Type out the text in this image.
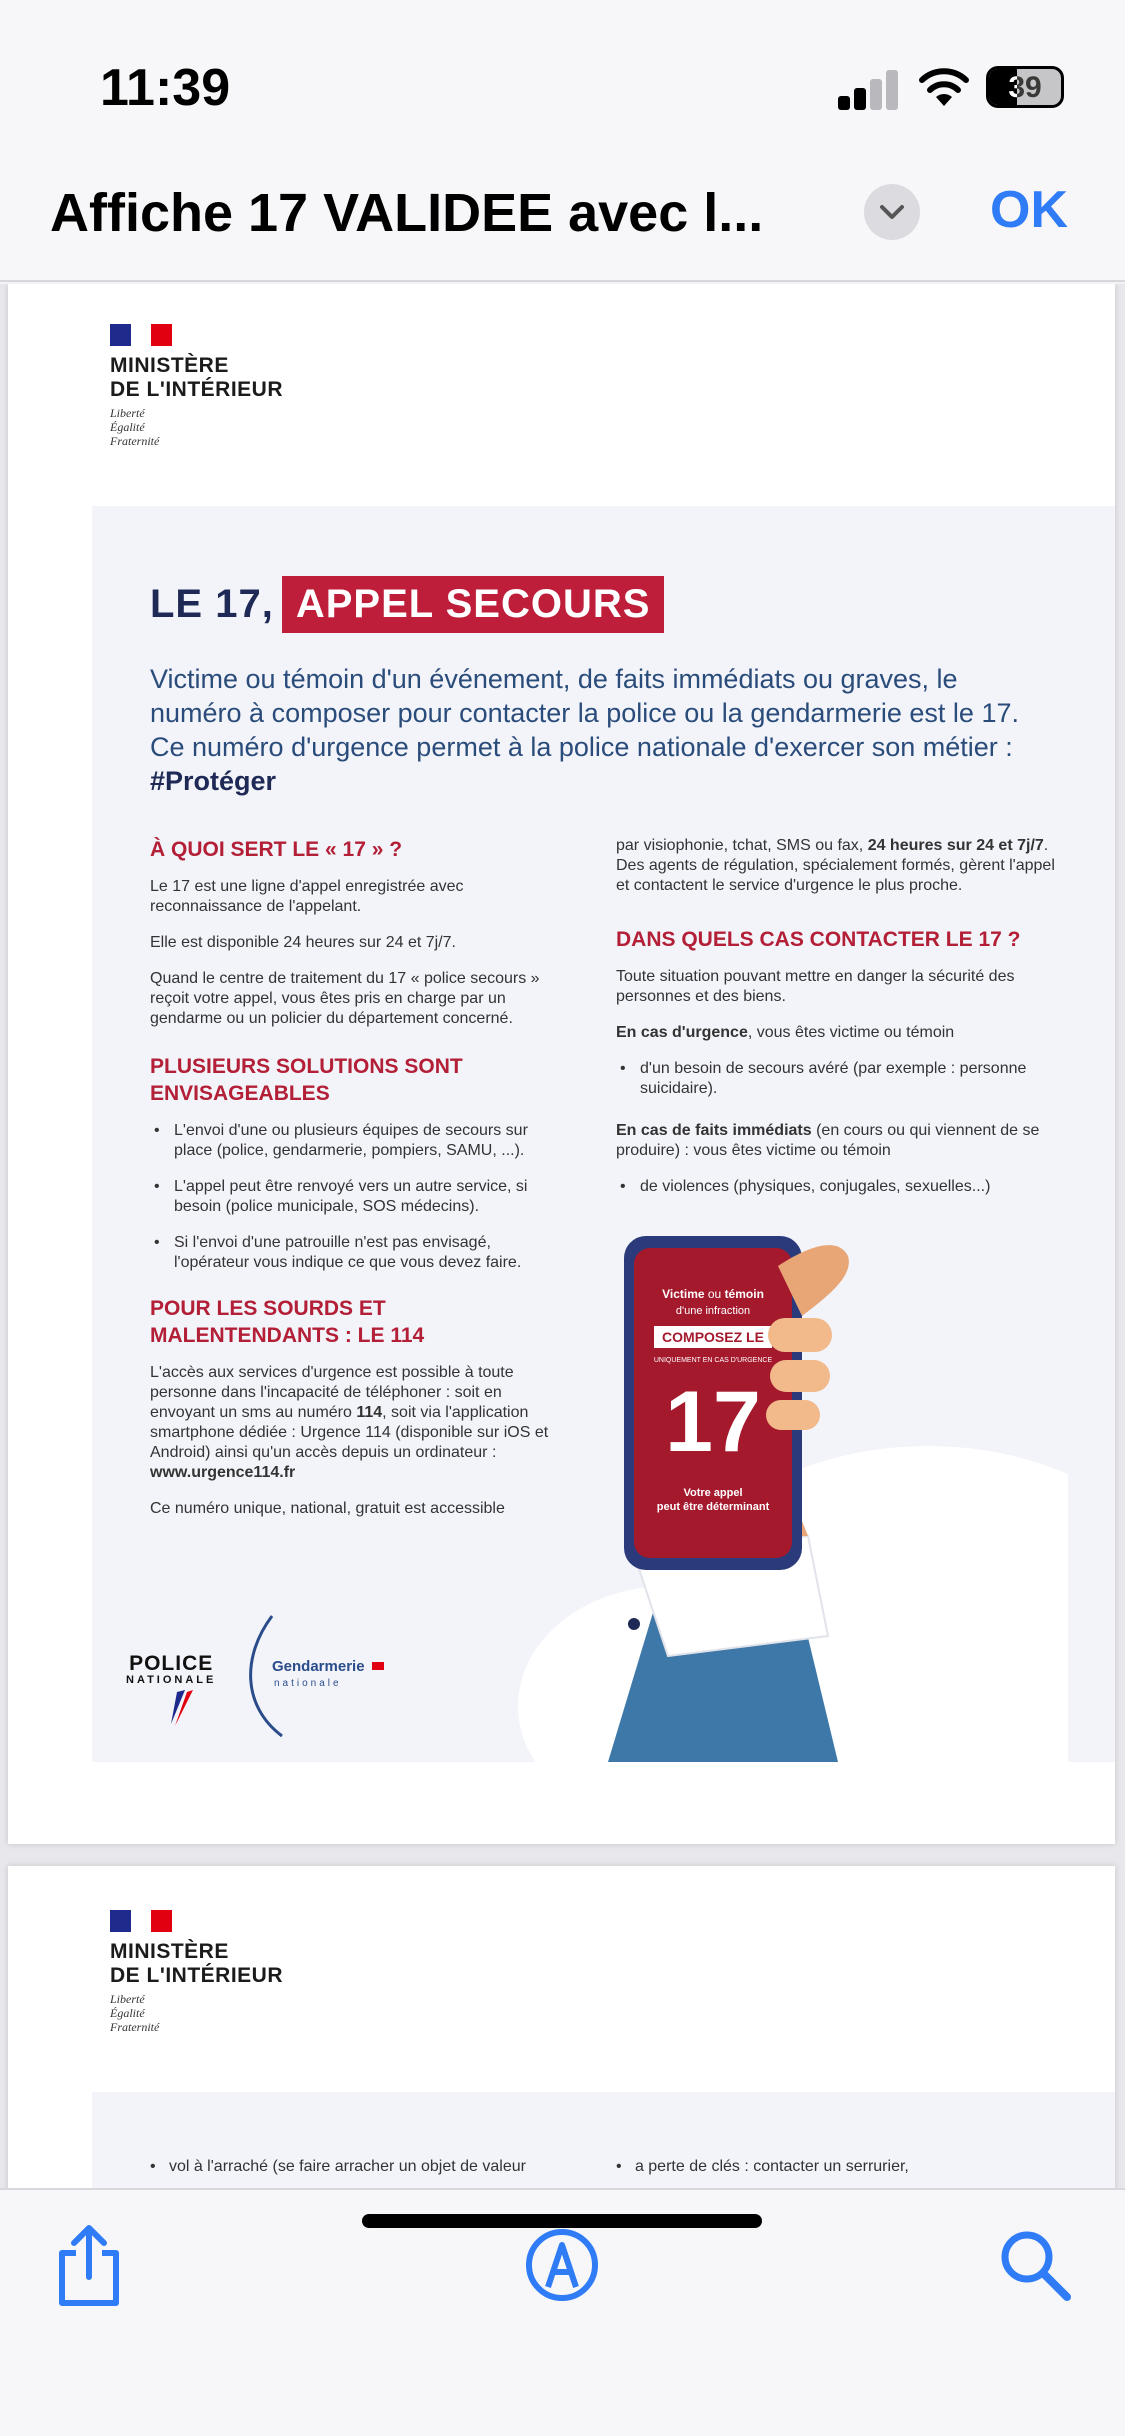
11:39	39
Affiche 17 VALIDEE avec l...	OK
MINISTÈRE
DE L'INTÉRIEUR
Liberté
Égalité
Fraternité
LE 17, APPEL SECOURS
Victime ou témoin d'un événement, de faits immédiats ou graves, le numéro à composer pour contacter la police ou la gendarmerie est le 17. Ce numéro d'urgence permet à la police nationale d'exercer son métier : #Protéger
À QUOI SERT LE « 17 » ?

Le 17 est une ligne d'appel enregistrée avec reconnaissance de l'appelant.

Elle est disponible 24 heures sur 24 et 7j/7.

Quand le centre de traitement du 17 « police secours » reçoit votre appel, vous êtes pris en charge par un gendarme ou un policier du département concerné.

PLUSIEURS SOLUTIONS SONT ENVISAGEABLES
• L'envoi d'une ou plusieurs équipes de secours sur place (police, gendarmerie, pompiers, SAMU, ...).
• L'appel peut être renvoyé vers un autre service, si besoin (police municipale, SOS médecins).
• Si l'envoi d'une patrouille n'est pas envisagé, l'opérateur vous indique ce que vous devez faire.
POUR LES SOURDS ET MALENTENDANTS : LE 114

L'accès aux services d'urgence est possible à toute personne dans l'incapacité de téléphoner : soit en envoyant un sms au numéro 114, soit via l'application smartphone dédiée : Urgence 114 (disponible sur iOS et Android) ainsi qu'un accès depuis un ordinateur : www.urgence114.fr

Ce numéro unique, national, gratuit est accessible

par visiophonie, tchat, SMS ou fax, 24 heures sur 24 et 7j/7. Des agents de régulation, spécialement formés, gèrent l'appel et contactent le service d'urgence le plus proche.

DANS QUELS CAS CONTACTER LE 17 ?

Toute situation pouvant mettre en danger la sécurité des personnes et des biens.

En cas d'urgence, vous êtes victime ou témoin

• d'un besoin de secours avéré (par exemple : personne suicidaire).

En cas de faits immédiats (en cours ou qui viennent de se produire) : vous êtes victime ou témoin

• de violences (physiques, conjugales, sexuelles...)
Victime ou témoin
d'une infraction
COMPOSEZ LE
UNIQUEMENT EN CAS D'URGENCE
17
Votre appel
peut être déterminant
POLICE
NATIONALE
Gendarmerie
nationale
MINISTÈRE
DE L'INTÉRIEUR
Liberté
Égalité
Fraternité
•   vol à l'arraché (se faire arracher un objet de valeur	•   a perte de clés : contacter un serrurier,
